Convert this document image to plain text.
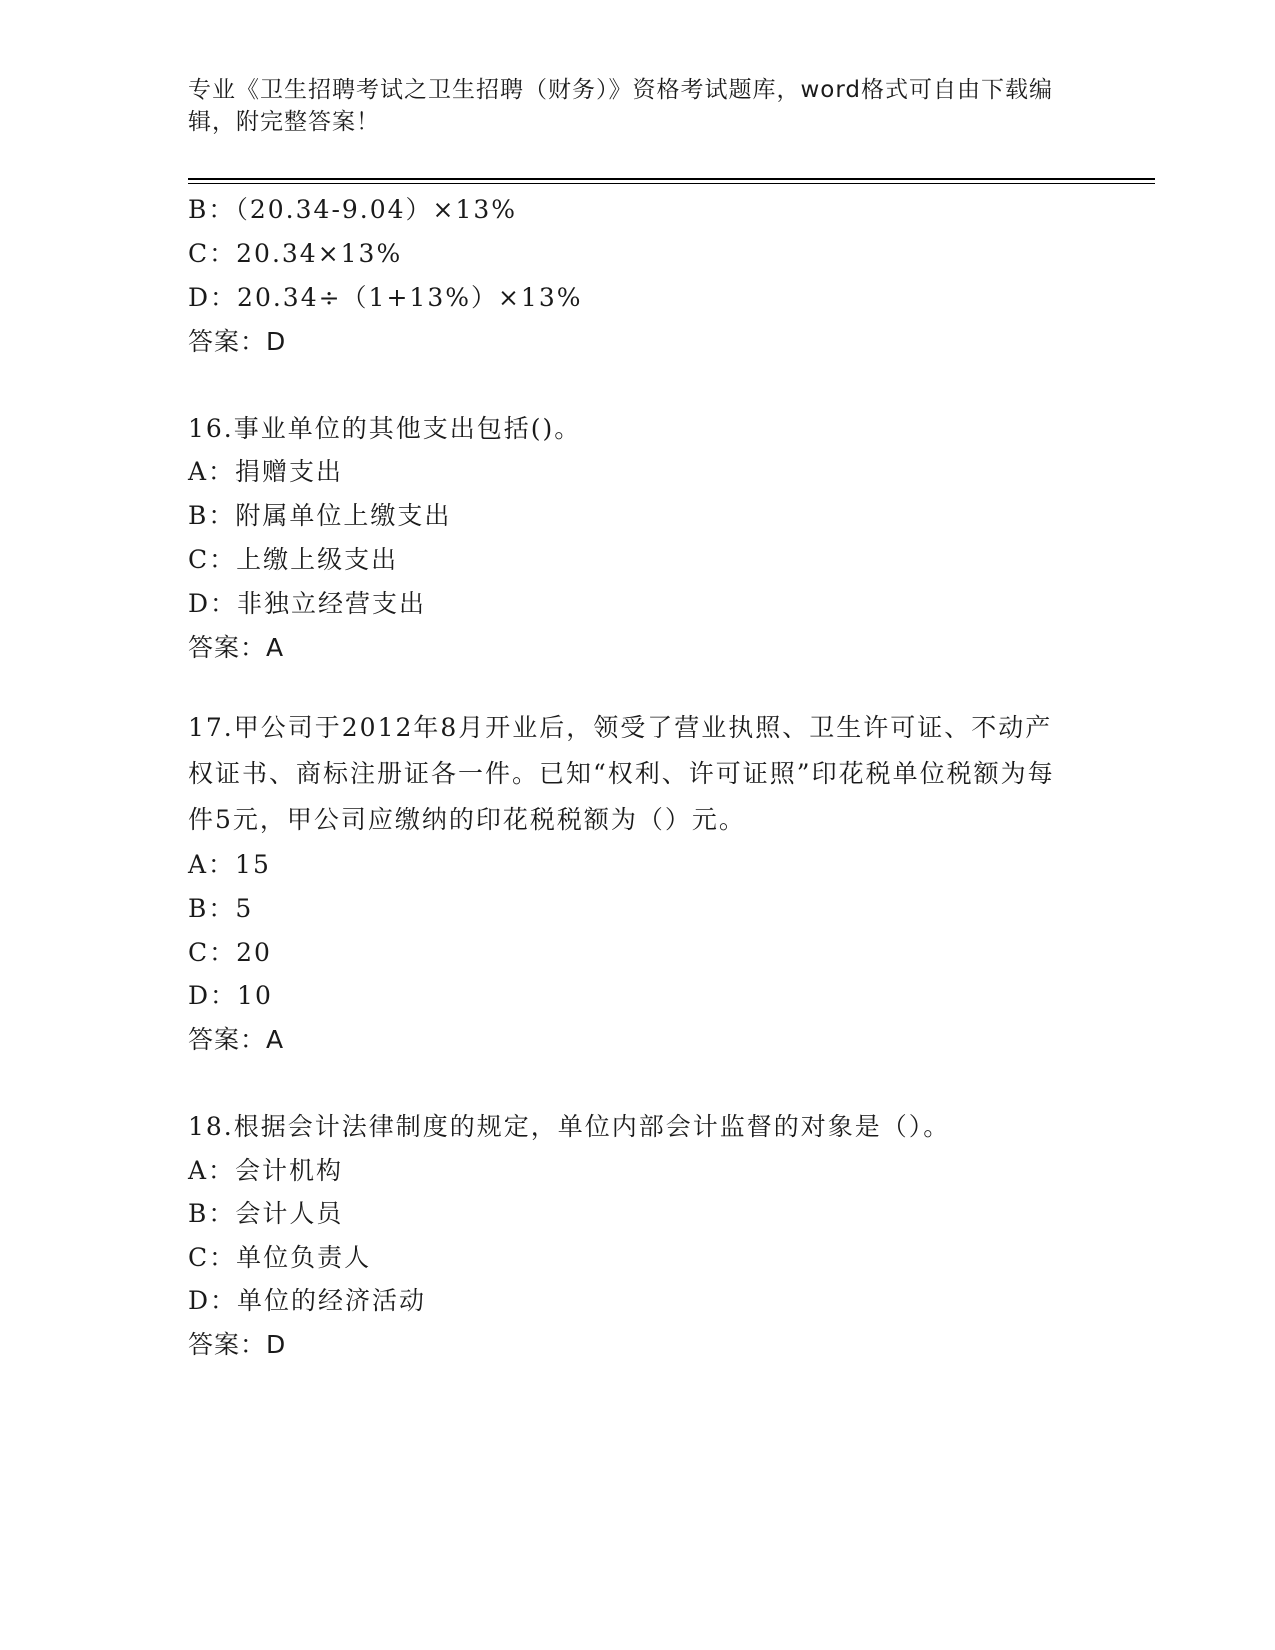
专业《卫生招聘考试之卫生招聘（财务）》资格考试题库，word格式可自由下载编辑，附完整答案！
B：（20.34-9.04）×13%
C：20.34×13%
D：20.34÷（1+13%）×13%
答案：D
16.事业单位的其他支出包括()。
A：捐赠支出
B：附属单位上缴支出
C：上缴上级支出
D：非独立经营支出
答案：A
17.甲公司于2012年8月开业后，领受了营业执照、卫生许可证、不动产权证书、商标注册证各一件。已知“权利、许可证照”印花税单位税额为每件5元，甲公司应缴纳的印花税税额为（）元。
A：15
B：5
C：20
D：10
答案：A
18.根据会计法律制度的规定，单位内部会计监督的对象是（）。
A：会计机构
B：会计人员
C：单位负责人
D：单位的经济活动
答案：D
